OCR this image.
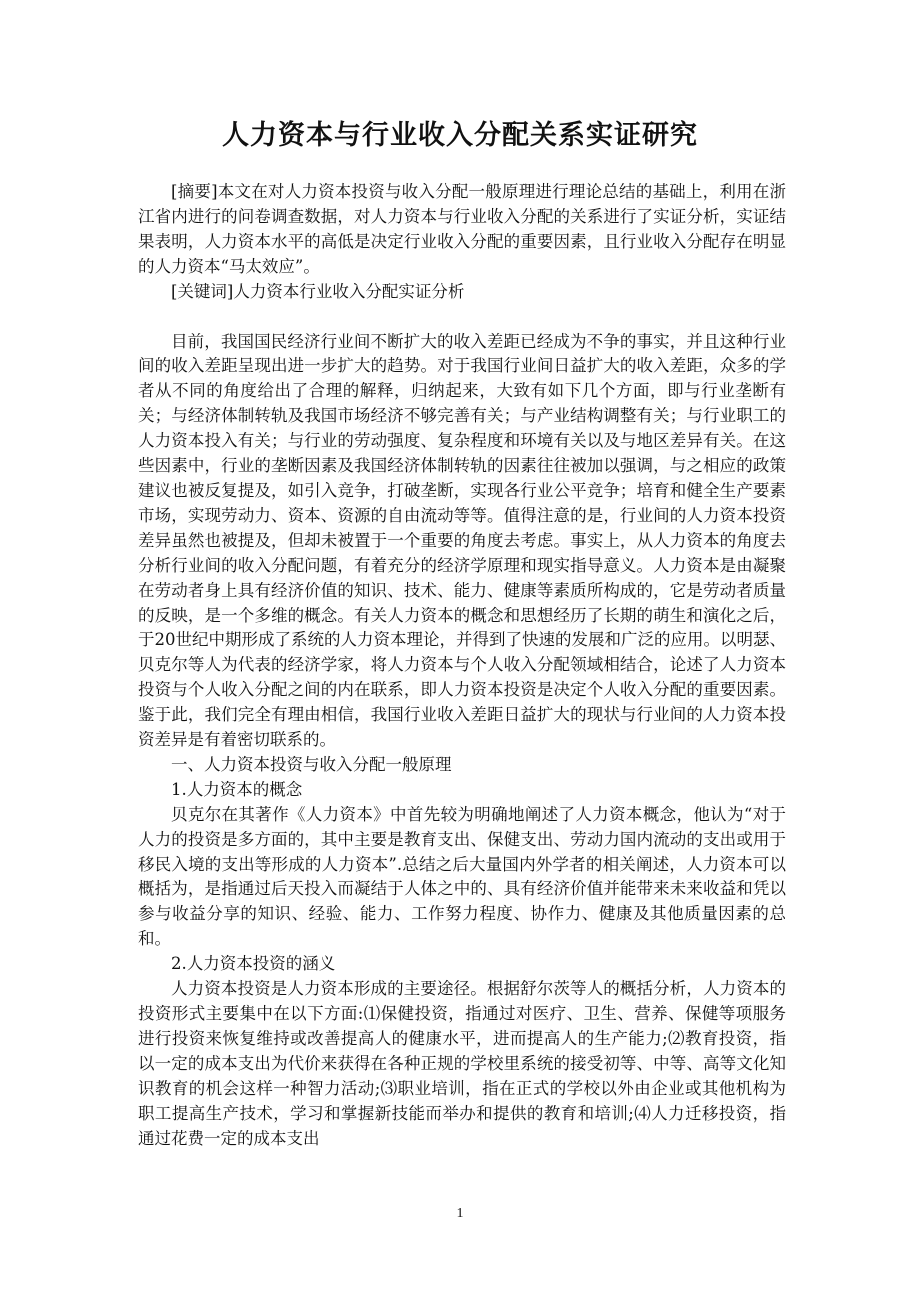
人力资本与行业收入分配关系实证研究

[摘要]本文在对人力资本投资与收入分配一般原理进行理论总结的基础上，利用在浙江省内进行的问卷调查数据，对人力资本与行业收入分配的关系进行了实证分析，实证结果表明，人力资本水平的高低是决定行业收入分配的重要因素，且行业收入分配存在明显的人力资本“马太效应”。

[关键词]人力资本行业收入分配实证分析

目前，我国国民经济行业间不断扩大的收入差距已经成为不争的事实，并且这种行业间的收入差距呈现出进一步扩大的趋势。对于我国行业间日益扩大的收入差距，众多的学者从不同的角度给出了合理的解释，归纳起来，大致有如下几个方面，即与行业垄断有关；与经济体制转轨及我国市场经济不够完善有关；与产业结构调整有关；与行业职工的人力资本投入有关；与行业的劳动强度、复杂程度和环境有关以及与地区差异有关。在这些因素中，行业的垄断因素及我国经济体制转轨的因素往往被加以强调，与之相应的政策建议也被反复提及，如引入竞争，打破垄断，实现各行业公平竞争；培育和健全生产要素市场，实现劳动力、资本、资源的自由流动等等。值得注意的是，行业间的人力资本投资差异虽然也被提及，但却未被置于一个重要的角度去考虑。事实上，从人力资本的角度去分析行业间的收入分配问题，有着充分的经济学原理和现实指导意义。人力资本是由凝聚在劳动者身上具有经济价值的知识、技术、能力、健康等素质所构成的，它是劳动者质量的反映，是一个多维的概念。有关人力资本的概念和思想经历了长期的萌生和演化之后，于20世纪中期形成了系统的人力资本理论，并得到了快速的发展和广泛的应用。以明瑟、贝克尔等人为代表的经济学家，将人力资本与个人收入分配领域相结合，论述了人力资本投资与个人收入分配之间的内在联系，即人力资本投资是决定个人收入分配的重要因素。鉴于此，我们完全有理由相信，我国行业收入差距日益扩大的现状与行业间的人力资本投资差异是有着密切联系的。

一、人力资本投资与收入分配一般原理

1.人力资本的概念

贝克尔在其著作《人力资本》中首先较为明确地阐述了人力资本概念，他认为“对于人力的投资是多方面的，其中主要是教育支出、保健支出、劳动力国内流动的支出或用于移民入境的支出等形成的人力资本”.总结之后大量国内外学者的相关阐述，人力资本可以概括为，是指通过后天投入而凝结于人体之中的、具有经济价值并能带来未来收益和凭以参与收益分享的知识、经验、能力、工作努力程度、协作力、健康及其他质量因素的总和。

2.人力资本投资的涵义

人力资本投资是人力资本形成的主要途径。根据舒尔茨等人的概括分析，人力资本的投资形式主要集中在以下方面:⑴保健投资，指通过对医疗、卫生、营养、保健等项服务进行投资来恢复维持或改善提高人的健康水平，进而提高人的生产能力;⑵教育投资，指以一定的成本支出为代价来获得在各种正规的学校里系统的接受初等、中等、高等文化知识教育的机会这样一种智力活动;⑶职业培训，指在正式的学校以外由企业或其他机构为职工提高生产技术，学习和掌握新技能而举办和提供的教育和培训;⑷人力迁移投资，指通过花费一定的成本支出

1
